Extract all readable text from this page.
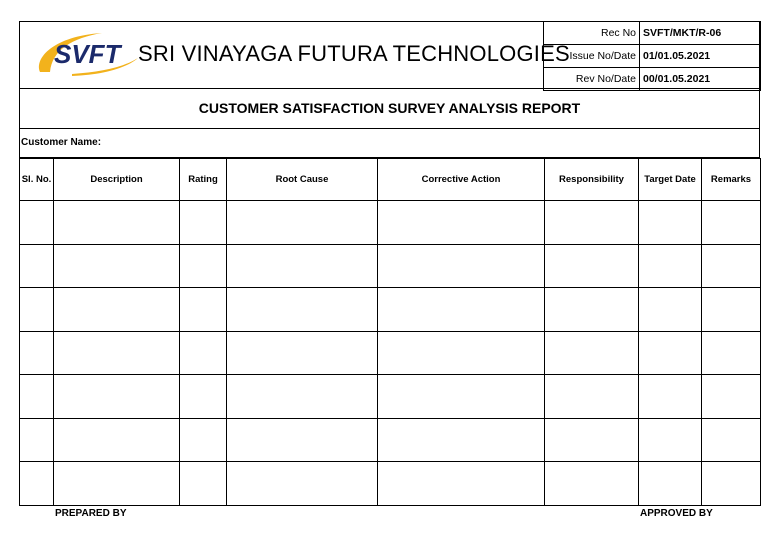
SVFT SRI VINAYAGA FUTURA TECHNOLOGIES
Rec No	SVFT/MKT/R-06
Issue No/Date	01/01.05.2021
Rev No/Date	00/01.05.2021
CUSTOMER SATISFACTION SURVEY ANALYSIS REPORT
Customer Name:
Sl. No.	Description	Rating	Root Cause	Corrective Action	Responsibility	Target Date	Remarks

PREPARED BY	APPROVED BY
